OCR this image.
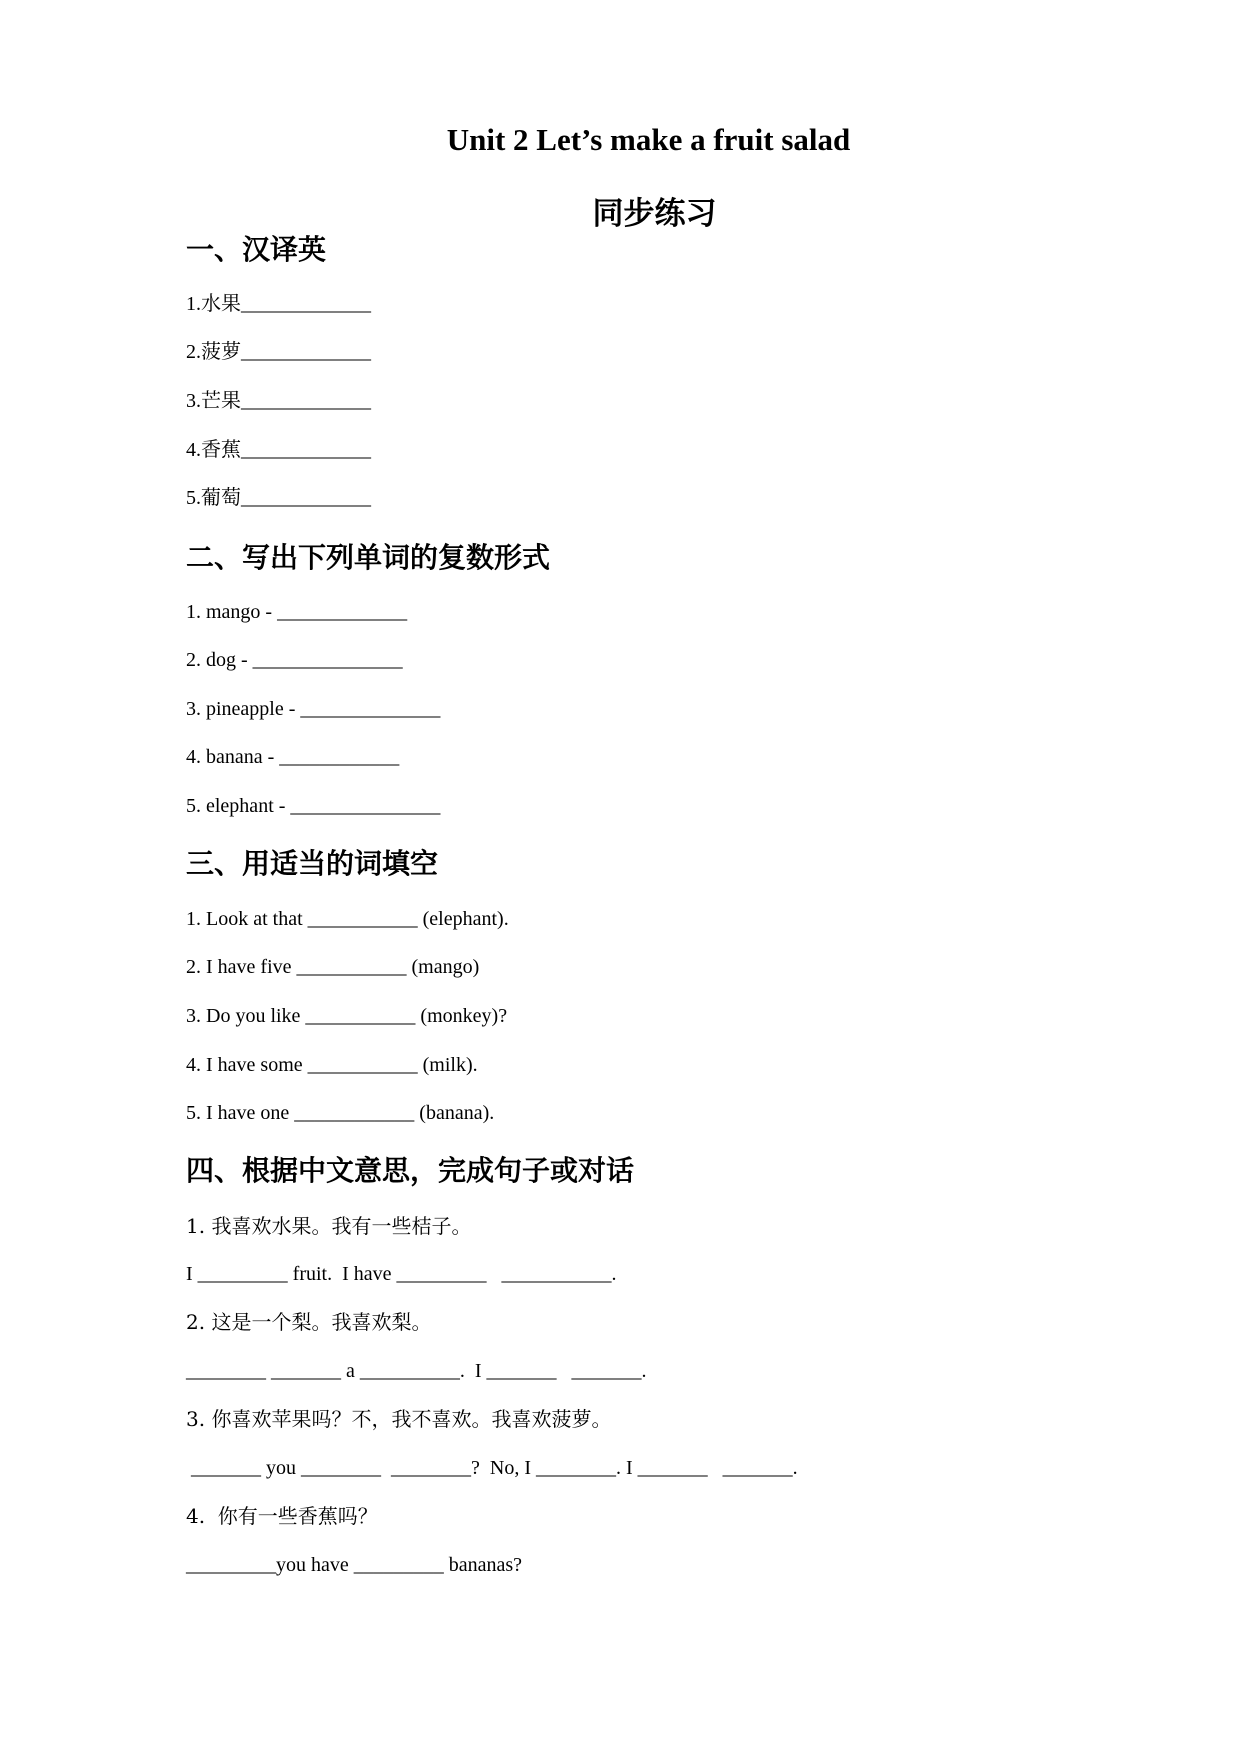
Unit 2 Let’s make a fruit salad
同步练习
一、汉译英
1.水果_____________
2.菠萝_____________
3.芒果_____________
4.香蕉_____________
5.葡萄_____________
二、写出下列单词的复数形式
1. mango - _____________
2. dog - _______________
3. pineapple - ______________
4. banana - ____________
5. elephant - _______________
三、用适当的词填空
1. Look at that ___________ (elephant).
2. I have five ___________ (mango)
3. Do you like ___________ (monkey)?
4. I have some ___________ (milk).
5. I have one ____________ (banana).
四、根据中文意思，完成句子或对话
1. 我喜欢水果。我有一些桔子。
I _________ fruit.  I have _________   ___________.
2. 这是一个梨。我喜欢梨。
________ _______ a __________.  I _______   _______.
3. 你喜欢苹果吗？不，我不喜欢。我喜欢菠萝。
_______ you ________  ________?  No, I ________. I _______   _______.
4.  你有一些香蕉吗？
_________you have _________ bananas?
